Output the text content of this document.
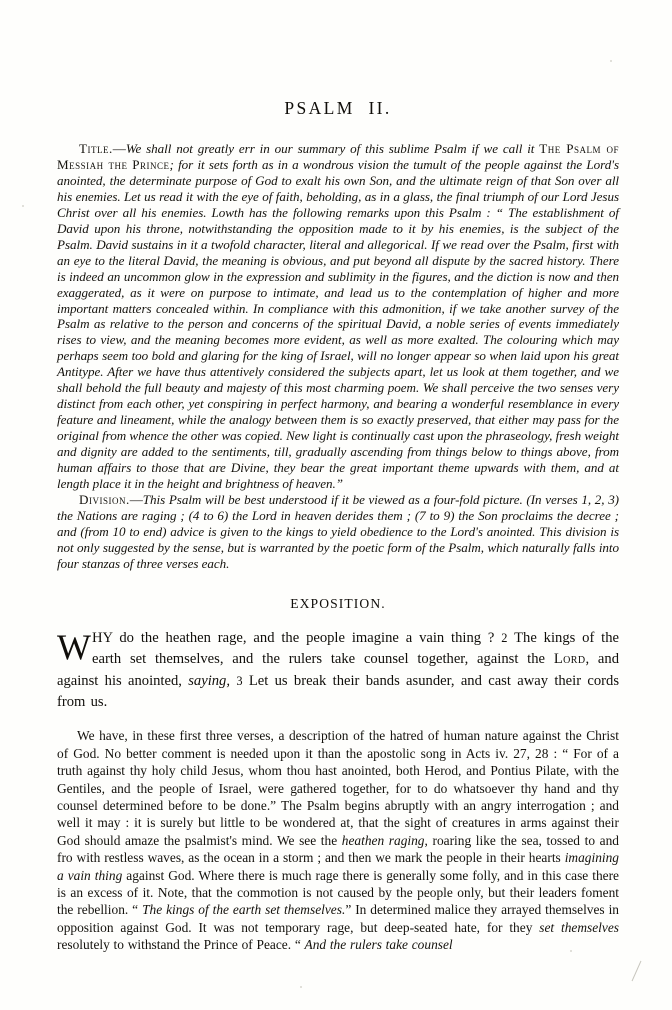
PSALM II.

Title.—We shall not greatly err in our summary of this sublime Psalm if we call it The Psalm of Messiah the Prince; for it sets forth as in a wondrous vision the tumult of the people against the Lord's anointed, the determinate purpose of God to exalt his own Son, and the ultimate reign of that Son over all his enemies. Let us read it with the eye of faith, beholding, as in a glass, the final triumph of our Lord Jesus Christ over all his enemies. Lowth has the following remarks upon this Psalm : “ The establishment of David upon his throne, notwithstanding the opposition made to it by his enemies, is the subject of the Psalm. David sustains in it a twofold character, literal and allegorical. If we read over the Psalm, first with an eye to the literal David, the meaning is obvious, and put beyond all dispute by the sacred history. There is indeed an uncommon glow in the expression and sublimity in the figures, and the diction is now and then exaggerated, as it were on purpose to intimate, and lead us to the contemplation of higher and more important matters concealed within. In compliance with this admonition, if we take another survey of the Psalm as relative to the person and concerns of the spiritual David, a noble series of events immediately rises to view, and the meaning becomes more evident, as well as more exalted. The colouring which may perhaps seem too bold and glaring for the king of Israel, will no longer appear so when laid upon his great Antitype. After we have thus attentively considered the subjects apart, let us look at them together, and we shall behold the full beauty and majesty of this most charming poem. We shall perceive the two senses very distinct from each other, yet conspiring in perfect harmony, and bearing a wonderful resemblance in every feature and lineament, while the analogy between them is so exactly preserved, that either may pass for the original from whence the other was copied. New light is continually cast upon the phraseology, fresh weight and dignity are added to the sentiments, till, gradually ascending from things below to things above, from human affairs to those that are Divine, they bear the great important theme upwards with them, and at length place it in the height and brightness of heaven.”

Division.—This Psalm will be best understood if it be viewed as a four-fold picture. (In verses 1, 2, 3) the Nations are raging ; (4 to 6) the Lord in heaven derides them ; (7 to 9) the Son proclaims the decree ; and (from 10 to end) advice is given to the kings to yield obedience to the Lord's anointed. This division is not only suggested by the sense, but is warranted by the poetic form of the Psalm, which naturally falls into four stanzas of three verses each.

EXPOSITION.
WHY do the heathen rage, and the people imagine a vain thing ? 2 The kings of the earth set themselves, and the rulers take counsel together, against the Lord, and against his anointed, saying, 3 Let us break their bands asunder, and cast away their cords from us.

We have, in these first three verses, a description of the hatred of human nature against the Christ of God. No better comment is needed upon it than the apostolic song in Acts iv. 27, 28 : “ For of a truth against thy holy child Jesus, whom thou hast anointed, both Herod, and Pontius Pilate, with the Gentiles, and the people of Israel, were gathered together, for to do whatsoever thy hand and thy counsel determined before to be done.” The Psalm begins abruptly with an angry interrogation ; and well it may : it is surely but little to be wondered at, that the sight of creatures in arms against their God should amaze the psalmist's mind. We see the heathen raging, roaring like the sea, tossed to and fro with restless waves, as the ocean in a storm ; and then we mark the people in their hearts imagining a vain thing against God. Where there is much rage there is generally some folly, and in this case there is an excess of it. Note, that the commotion is not caused by the people only, but their leaders foment the rebellion. “ The kings of the earth set themselves.” In determined malice they arrayed themselves in opposition against God. It was not temporary rage, but deep-seated hate, for they set themselves resolutely to withstand the Prince of Peace. “ And the rulers take counsel
